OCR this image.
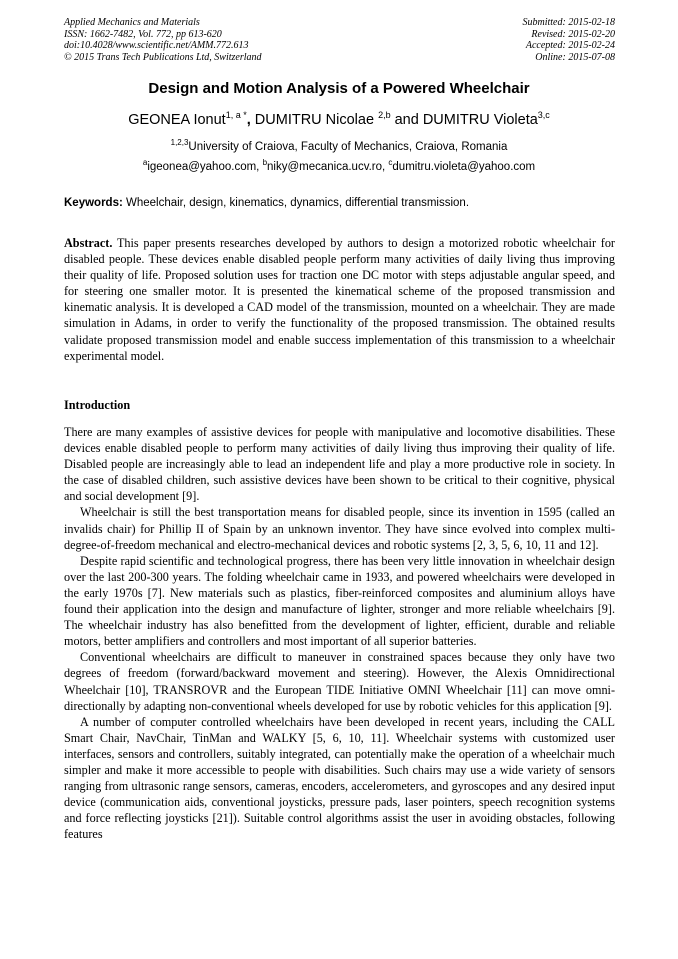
Applied Mechanics and Materials
ISSN: 1662-7482, Vol. 772, pp 613-620
doi:10.4028/www.scientific.net/AMM.772.613
© 2015 Trans Tech Publications Ltd, Switzerland
Submitted: 2015-02-18
Revised: 2015-02-20
Accepted: 2015-02-24
Online: 2015-07-08
Design and Motion Analysis of a Powered Wheelchair
GEONEA Ionut$^{1, a *}$, DUMITRU Nicolae $^{2,b}$ and DUMITRU Violeta$^{3,c}$
$^{1,2,3}$University of Craiova, Faculty of Mechanics, Craiova, Romania
$^a$igeonea@yahoo.com, $^b$niky@mecanica.ucv.ro, $^c$dumitru.violeta@yahoo.com
Keywords: Wheelchair, design, kinematics, dynamics, differential transmission.
Abstract. This paper presents researches developed by authors to design a motorized robotic wheelchair for disabled people. These devices enable disabled people perform many activities of daily living thus improving their quality of life. Proposed solution uses for traction one DC motor with steps adjustable angular speed, and for steering one smaller motor. It is presented the kinematical scheme of the proposed transmission and kinematic analysis. It is developed a CAD model of the transmission, mounted on a wheelchair. They are made simulation in Adams, in order to verify the functionality of the proposed transmission. The obtained results validate proposed transmission model and enable success implementation of this transmission to a wheelchair experimental model.
Introduction

There are many examples of assistive devices for people with manipulative and locomotive disabilities. These devices enable disabled people to perform many activities of daily living thus improving their quality of life. Disabled people are increasingly able to lead an independent life and play a more productive role in society. In the case of disabled children, such assistive devices have been shown to be critical to their cognitive, physical and social development [9].

Wheelchair is still the best transportation means for disabled people, since its invention in 1595 (called an invalids chair) for Phillip II of Spain by an unknown inventor. They have since evolved into complex multi-degree-of-freedom mechanical and electro-mechanical devices and robotic systems [2, 3, 5, 6, 10, 11 and 12].

Despite rapid scientific and technological progress, there has been very little innovation in wheelchair design over the last 200-300 years. The folding wheelchair came in 1933, and powered wheelchairs were developed in the early 1970s [7]. New materials such as plastics, fiber-reinforced composites and aluminium alloys have found their application into the design and manufacture of lighter, stronger and more reliable wheelchairs [9]. The wheelchair industry has also benefitted from the development of lighter, efficient, durable and reliable motors, better amplifiers and controllers and most important of all superior batteries.

Conventional wheelchairs are difficult to maneuver in constrained spaces because they only have two degrees of freedom (forward/backward movement and steering). However, the Alexis Omnidirectional Wheelchair [10], TRANSROVR and the European TIDE Initiative OMNI Wheelchair [11] can move omni-directionally by adapting non-conventional wheels developed for use by robotic vehicles for this application [9].

A number of computer controlled wheelchairs have been developed in recent years, including the CALL Smart Chair, NavChair, TinMan and WALKY [5, 6, 10, 11]. Wheelchair systems with customized user interfaces, sensors and controllers, suitably integrated, can potentially make the operation of a wheelchair much simpler and make it more accessible to people with disabilities. Such chairs may use a wide variety of sensors ranging from ultrasonic range sensors, cameras, encoders, accelerometers, and gyroscopes and any desired input device (communication aids, conventional joysticks, pressure pads, laser pointers, speech recognition systems and force reflecting joysticks [21]). Suitable control algorithms assist the user in avoiding obstacles, following features
